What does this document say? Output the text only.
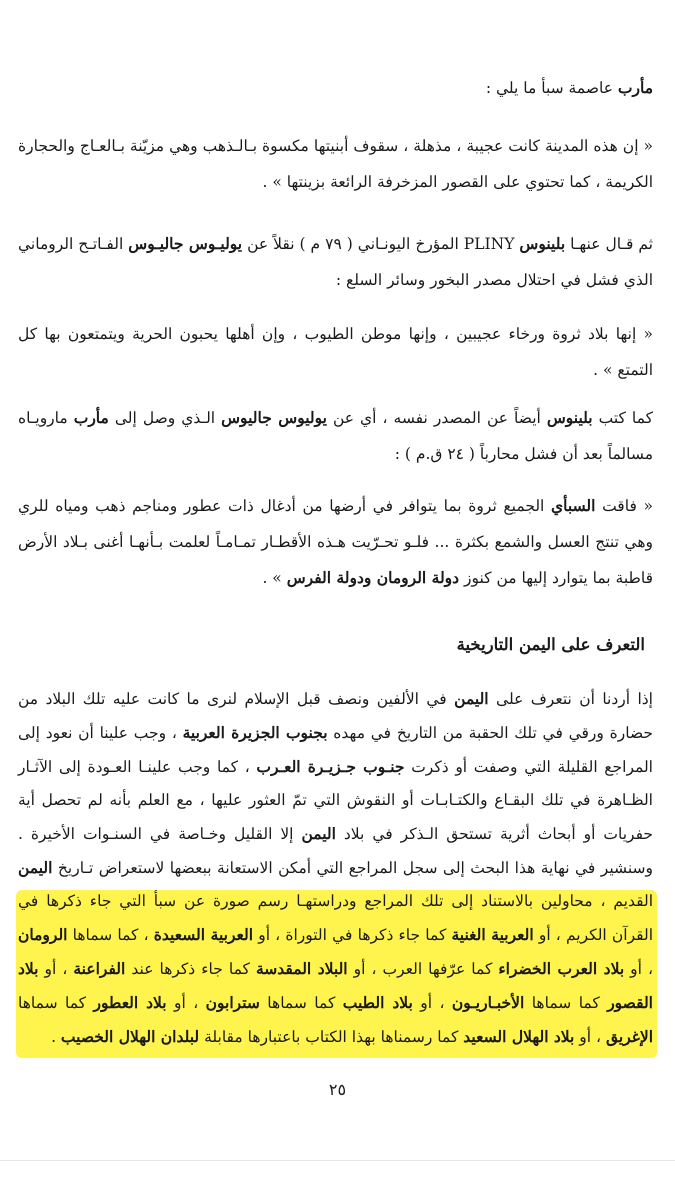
مأرب عاصمة سبأ ما يلي :
« إن هذه المدينة كانت عجيبة ، مذهلة ، سقوف أبنيتها مكسوة بـالـذهب وهي مزيّنة بـالعـاج والحجارة الكريمة ، كما تحتوي على القصور المزخرفة الرائعة بزينتها » .
ثم قـال عنهـا بلينوس PLINY المؤرخ اليونـاني ( ٧٩ م ) نقلاً عن يوليـوس جاليـوس الفـاتـح الروماني الذي فشل في احتلال مصدر البخور وسائر السلع :
« إنها بلاد ثروة ورخاء عجيبين ، وإنها موطن الطيوب ، وإن أهلها يحبون الحرية ويتمتعون بها كل التمتع » .
كما كتب بلينوس أيضاً عن المصدر نفسه ، أي عن يوليوس جاليوس الـذي وصل إلى مأرب مارويـاه مسالماً بعد أن فشل محارباً ( ٢٤ ق.م ) :
« فاقت السبأي الجميع ثروة بما يتوافر في أرضها من أدغال ذات عطور ومناجم ذهب ومياه للري وهي تنتج العسل والشمع بكثرة ... فلـو تحـرّيت هـذه الأقطـار تمـامـاً لعلمت بـأنهـا أغنى بـلاد الأرض قاطبة بما يتوارد إليها من كنوز دولة الرومان ودولة الفرس » .
التعرف على اليمن التاريخية
إذا أردنا أن نتعرف على اليمن في الألفين ونصف قبل الإسلام لنرى ما كانت عليه تلك البلاد من حضارة ورقي في تلك الحقبة من التاريخ في مهده بجنوب الجزيرة العربية ، وجب علينا أن نعود إلى المراجع القليلة التي وصفت أو ذكرت جنـوب جـزيـرة العـرب ، كما وجب علينـا العـودة إلى الآثـار الظـاهرة في تلك البقـاع والكتـابـات أو النقوش التي تمّ العثور عليها ، مع العلم بأنه لم تحصل أية حفريات أو أبحاث أثرية تستحق الـذكر في بلاد اليمن إلا القليل وخـاصة في السنـوات الأخيرة . وسنشير في نهاية هذا البحث إلى سجل المراجع التي أمكن الاستعانة ببعضها لاستعراض تـاريخ اليمن القديم ، محاولين بالاستناد إلى تلك المراجع ودراستهـا رسم صورة عن سبأ التي جاء ذكرها في القرآن الكريم ، أو العربية الغنية كما جاء ذكرها في التوراة ، أو العربية السعيدة ، كما سماها الرومان ، أو بلاد العرب الخضراء كما عرّفها العرب ، أو البلاد المقدسة كما جاء ذكرها عند الفراعنة ، أو بلاد القصور كما سماها الأخبـاريـون ، أو بلاد الطيب كما سماها سترابون ، أو بلاد العطور كما سماها الإغريق ، أو بلاد الهلال السعيد كما رسمناها بهذا الكتاب باعتبارها مقابلة لبلدان الهلال الخصيب .
٢٥
